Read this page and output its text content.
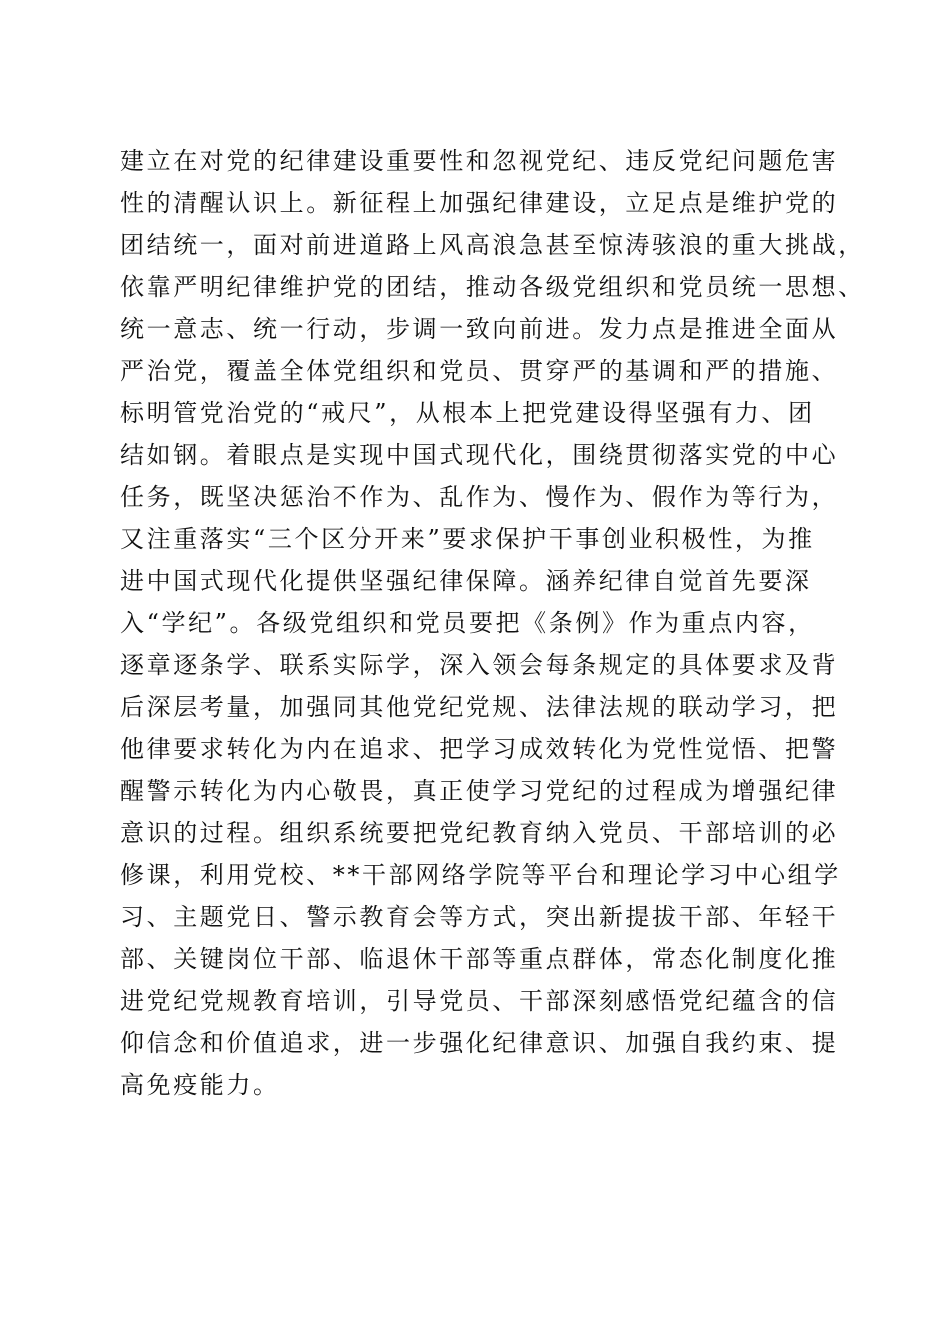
建立在对党的纪律建设重要性和忽视党纪、违反党纪问题危害
性的清醒认识上。新征程上加强纪律建设，立足点是维护党的
团结统一，面对前进道路上风高浪急甚至惊涛骇浪的重大挑战，
依靠严明纪律维护党的团结，推动各级党组织和党员统一思想、
统一意志、统一行动，步调一致向前进。发力点是推进全面从
严治党，覆盖全体党组织和党员、贯穿严的基调和严的措施、
标明管党治党的“戒尺”，从根本上把党建设得坚强有力、团
结如钢。着眼点是实现中国式现代化，围绕贯彻落实党的中心
任务，既坚决惩治不作为、乱作为、慢作为、假作为等行为，
又注重落实“三个区分开来”要求保护干事创业积极性，为推
进中国式现代化提供坚强纪律保障。涵养纪律自觉首先要深
入“学纪”。各级党组织和党员要把《条例》作为重点内容，
逐章逐条学、联系实际学，深入领会每条规定的具体要求及背
后深层考量，加强同其他党纪党规、法律法规的联动学习，把
他律要求转化为内在追求、把学习成效转化为党性觉悟、把警
醒警示转化为内心敬畏，真正使学习党纪的过程成为增强纪律
意识的过程。组织系统要把党纪教育纳入党员、干部培训的必
修课，利用党校、**干部网络学院等平台和理论学习中心组学
习、主题党日、警示教育会等方式，突出新提拔干部、年轻干
部、关键岗位干部、临退休干部等重点群体，常态化制度化推
进党纪党规教育培训，引导党员、干部深刻感悟党纪蕴含的信
仰信念和价值追求，进一步强化纪律意识、加强自我约束、提
高免疫能力。
